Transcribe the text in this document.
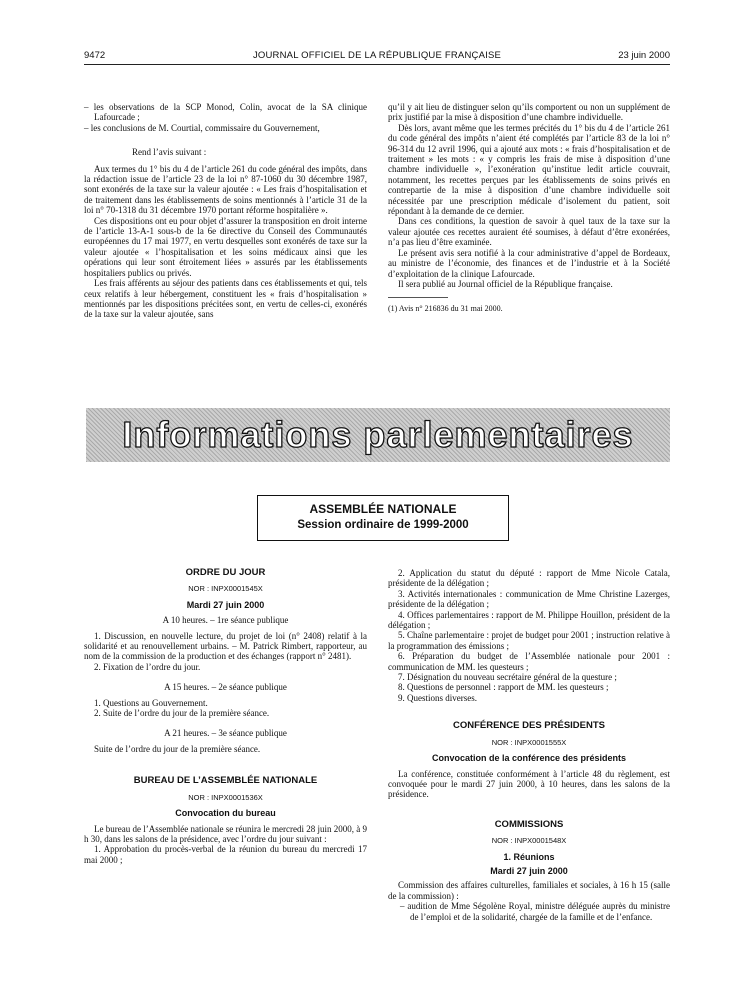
9472	JOURNAL OFFICIEL DE LA RÉPUBLIQUE FRANÇAISE	23 juin 2000

– les observations de la SCP Monod, Colin, avocat de la SA clinique Lafourcade ;

– les conclusions de M. Courtial, commissaire du Gouvernement,

Rend l’avis suivant :

Aux termes du 1° bis du 4 de l’article 261 du code général des impôts, dans la rédaction issue de l’article 23 de la loi n° 87-1060 du 30 décembre 1987, sont exonérés de la taxe sur la valeur ajoutée : « Les frais d’hospitalisation et de traitement dans les établissements de soins mentionnés à l’article 31 de la loi n° 70-1318 du 31 décembre 1970 portant réforme hospitalière ».

Ces dispositions ont eu pour objet d’assurer la transposition en droit interne de l’article 13-A-1 sous-b de la 6e directive du Conseil des Communautés européennes du 17 mai 1977, en vertu desquelles sont exonérés de taxe sur la valeur ajoutée « l’hospitalisation et les soins médicaux ainsi que les opérations qui leur sont étroitement liées » assurés par les établissements hospitaliers publics ou privés.

Les frais afférents au séjour des patients dans ces établissements et qui, tels ceux relatifs à leur hébergement, constituent les « frais d’hospitalisation » mentionnés par les dispositions précitées sont, en vertu de celles-ci, exonérés de la taxe sur la valeur ajoutée, sans

qu’il y ait lieu de distinguer selon qu’ils comportent ou non un supplément de prix justifié par la mise à disposition d’une chambre individuelle.

Dès lors, avant même que les termes précités du 1° bis du 4 de l’article 261 du code général des impôts n’aient été complétés par l’article 83 de la loi n° 96-314 du 12 avril 1996, qui a ajouté aux mots : « frais d’hospitalisation et de traitement » les mots : « y compris les frais de mise à disposition d’une chambre individuelle », l’exonération qu’instituе ledit article couvrait, notamment, les recettes perçues par les établissements de soins privés en contrepartie de la mise à disposition d’une chambre individuelle soit nécessitée par une prescription médicale d’isolement du patient, soit répondant à la demande de ce dernier.

Dans ces conditions, la question de savoir à quel taux de la taxe sur la valeur ajoutée ces recettes auraient été soumises, à défaut d’être exonérées, n’a pas lieu d’être examinée.

Le présent avis sera notifié à la cour administrative d’appel de Bordeaux, au ministre de l’économie, des finances et de l’industrie et à la Société d’exploitation de la clinique Lafourcade.

Il sera publié au Journal officiel de la République française.

(1) Avis n° 216836 du 31 mai 2000.

Informations parlementaires
ASSEMBLÉE NATIONALE
Session ordinaire de 1999-2000

ORDRE DU JOUR

NOR : INPX0001545X

Mardi 27 juin 2000

A 10 heures. – 1re séance publique

1. Discussion, en nouvelle lecture, du projet de loi (n° 2408) relatif à la solidarité et au renouvellement urbains. – M. Patrick Rimbert, rapporteur, au nom de la commission de la production et des échanges (rapport n° 2481).

2. Fixation de l’ordre du jour.

A 15 heures. – 2e séance publique

1. Questions au Gouvernement.

2. Suite de l’ordre du jour de la première séance.

A 21 heures. – 3e séance publique

Suite de l’ordre du jour de la première séance.

BUREAU DE L’ASSEMBLÉE NATIONALE

NOR : INPX0001536X

Convocation du bureau

Le bureau de l’Assemblée nationale se réunira le mercredi 28 juin 2000, à 9 h 30, dans les salons de la présidence, avec l’ordre du jour suivant :

1. Approbation du procès-verbal de la réunion du bureau du mercredi 17 mai 2000 ;

2. Application du statut du député : rapport de Mme Nicole Catala, présidente de la délégation ;

3. Activités internationales : communication de Mme Christine Lazerges, présidente de la délégation ;

4. Offices parlementaires : rapport de M. Philippe Houillon, président de la délégation ;

5. Chaîne parlementaire : projet de budget pour 2001 ; instruction relative à la programmation des émissions ;

6. Préparation du budget de l’Assemblée nationale pour 2001 : communication de MM. les questeurs ;

7. Désignation du nouveau secrétaire général de la questure ;

8. Questions de personnel : rapport de MM. les questeurs ;

9. Questions diverses.

CONFÉRENCE DES PRÉSIDENTS

NOR : INPX0001555X

Convocation de la conférence des présidents

La conférence, constituée conformément à l’article 48 du règlement, est convoquée pour le mardi 27 juin 2000, à 10 heures, dans les salons de la présidence.

COMMISSIONS

NOR : INPX0001548X

1. Réunions

Mardi 27 juin 2000

Commission des affaires culturelles, familiales et sociales, à 16 h 15 (salle de la commission) :

– audition de Mme Ségolène Royal, ministre déléguée auprès du ministre de l’emploi et de la solidarité, chargée de la famille et de l’enfance.
